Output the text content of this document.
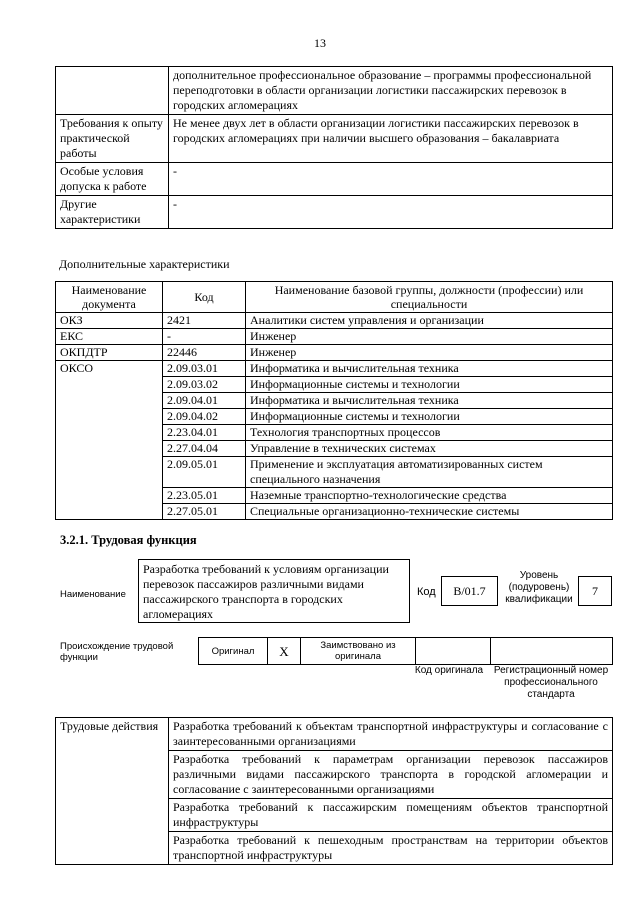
13
	дополнительное профессиональное образование – программы профессиональной переподготовки в области организации логистики пассажирских перевозок в городских агломерациях
Требования к опыту практической работы	Не менее двух лет в области организации логистики пассажирских перевозок в городских агломерациях при наличии высшего образования – бакалавриата
Особые условия допуска к работе	-
Другие характеристики	-
Дополнительные характеристики
Наименование документа	Код	Наименование базовой группы, должности (профессии) или специальности
ОКЗ	2421	Аналитики систем управления и организации
ЕКС	-	Инженер
ОКПДТР	22446	Инженер
ОКСО	2.09.03.01	Информатика и вычислительная техника
	2.09.03.02	Информационные системы и технологии
	2.09.04.01	Информатика и вычислительная техника
	2.09.04.02	Информационные системы и технологии
	2.23.04.01	Технология транспортных процессов
	2.27.04.04	Управление в технических системах
	2.09.05.01	Применение и эксплуатация автоматизированных систем специального назначения
	2.23.05.01	Наземные транспортно-технологические средства
	2.27.05.01	Специальные организационно-технические системы
3.2.1. Трудовая функция
Наименование
Разработка требований к условиям организации перевозок пассажиров различными видами пассажирского транспорта в городских агломерациях
Код	B/01.7
Уровень (подуровень) квалификации
7
Происхождение трудовой функции
Оригинал	X	Заимствовано из оригинала		
Код оригинала	Регистрационный номер профессионального стандарта
Трудовые действия	Разработка требований к объектам транспортной инфраструктуры и согласование с заинтересованными организациями
Разработка требований к параметрам организации перевозок пассажиров различными видами пассажирского транспорта в городской агломерации и согласование с заинтересованными организациями
Разработка требований к пассажирским помещениям объектов транспортной инфраструктуры
Разработка требований к пешеходным пространствам на территории объектов транспортной инфраструктуры
